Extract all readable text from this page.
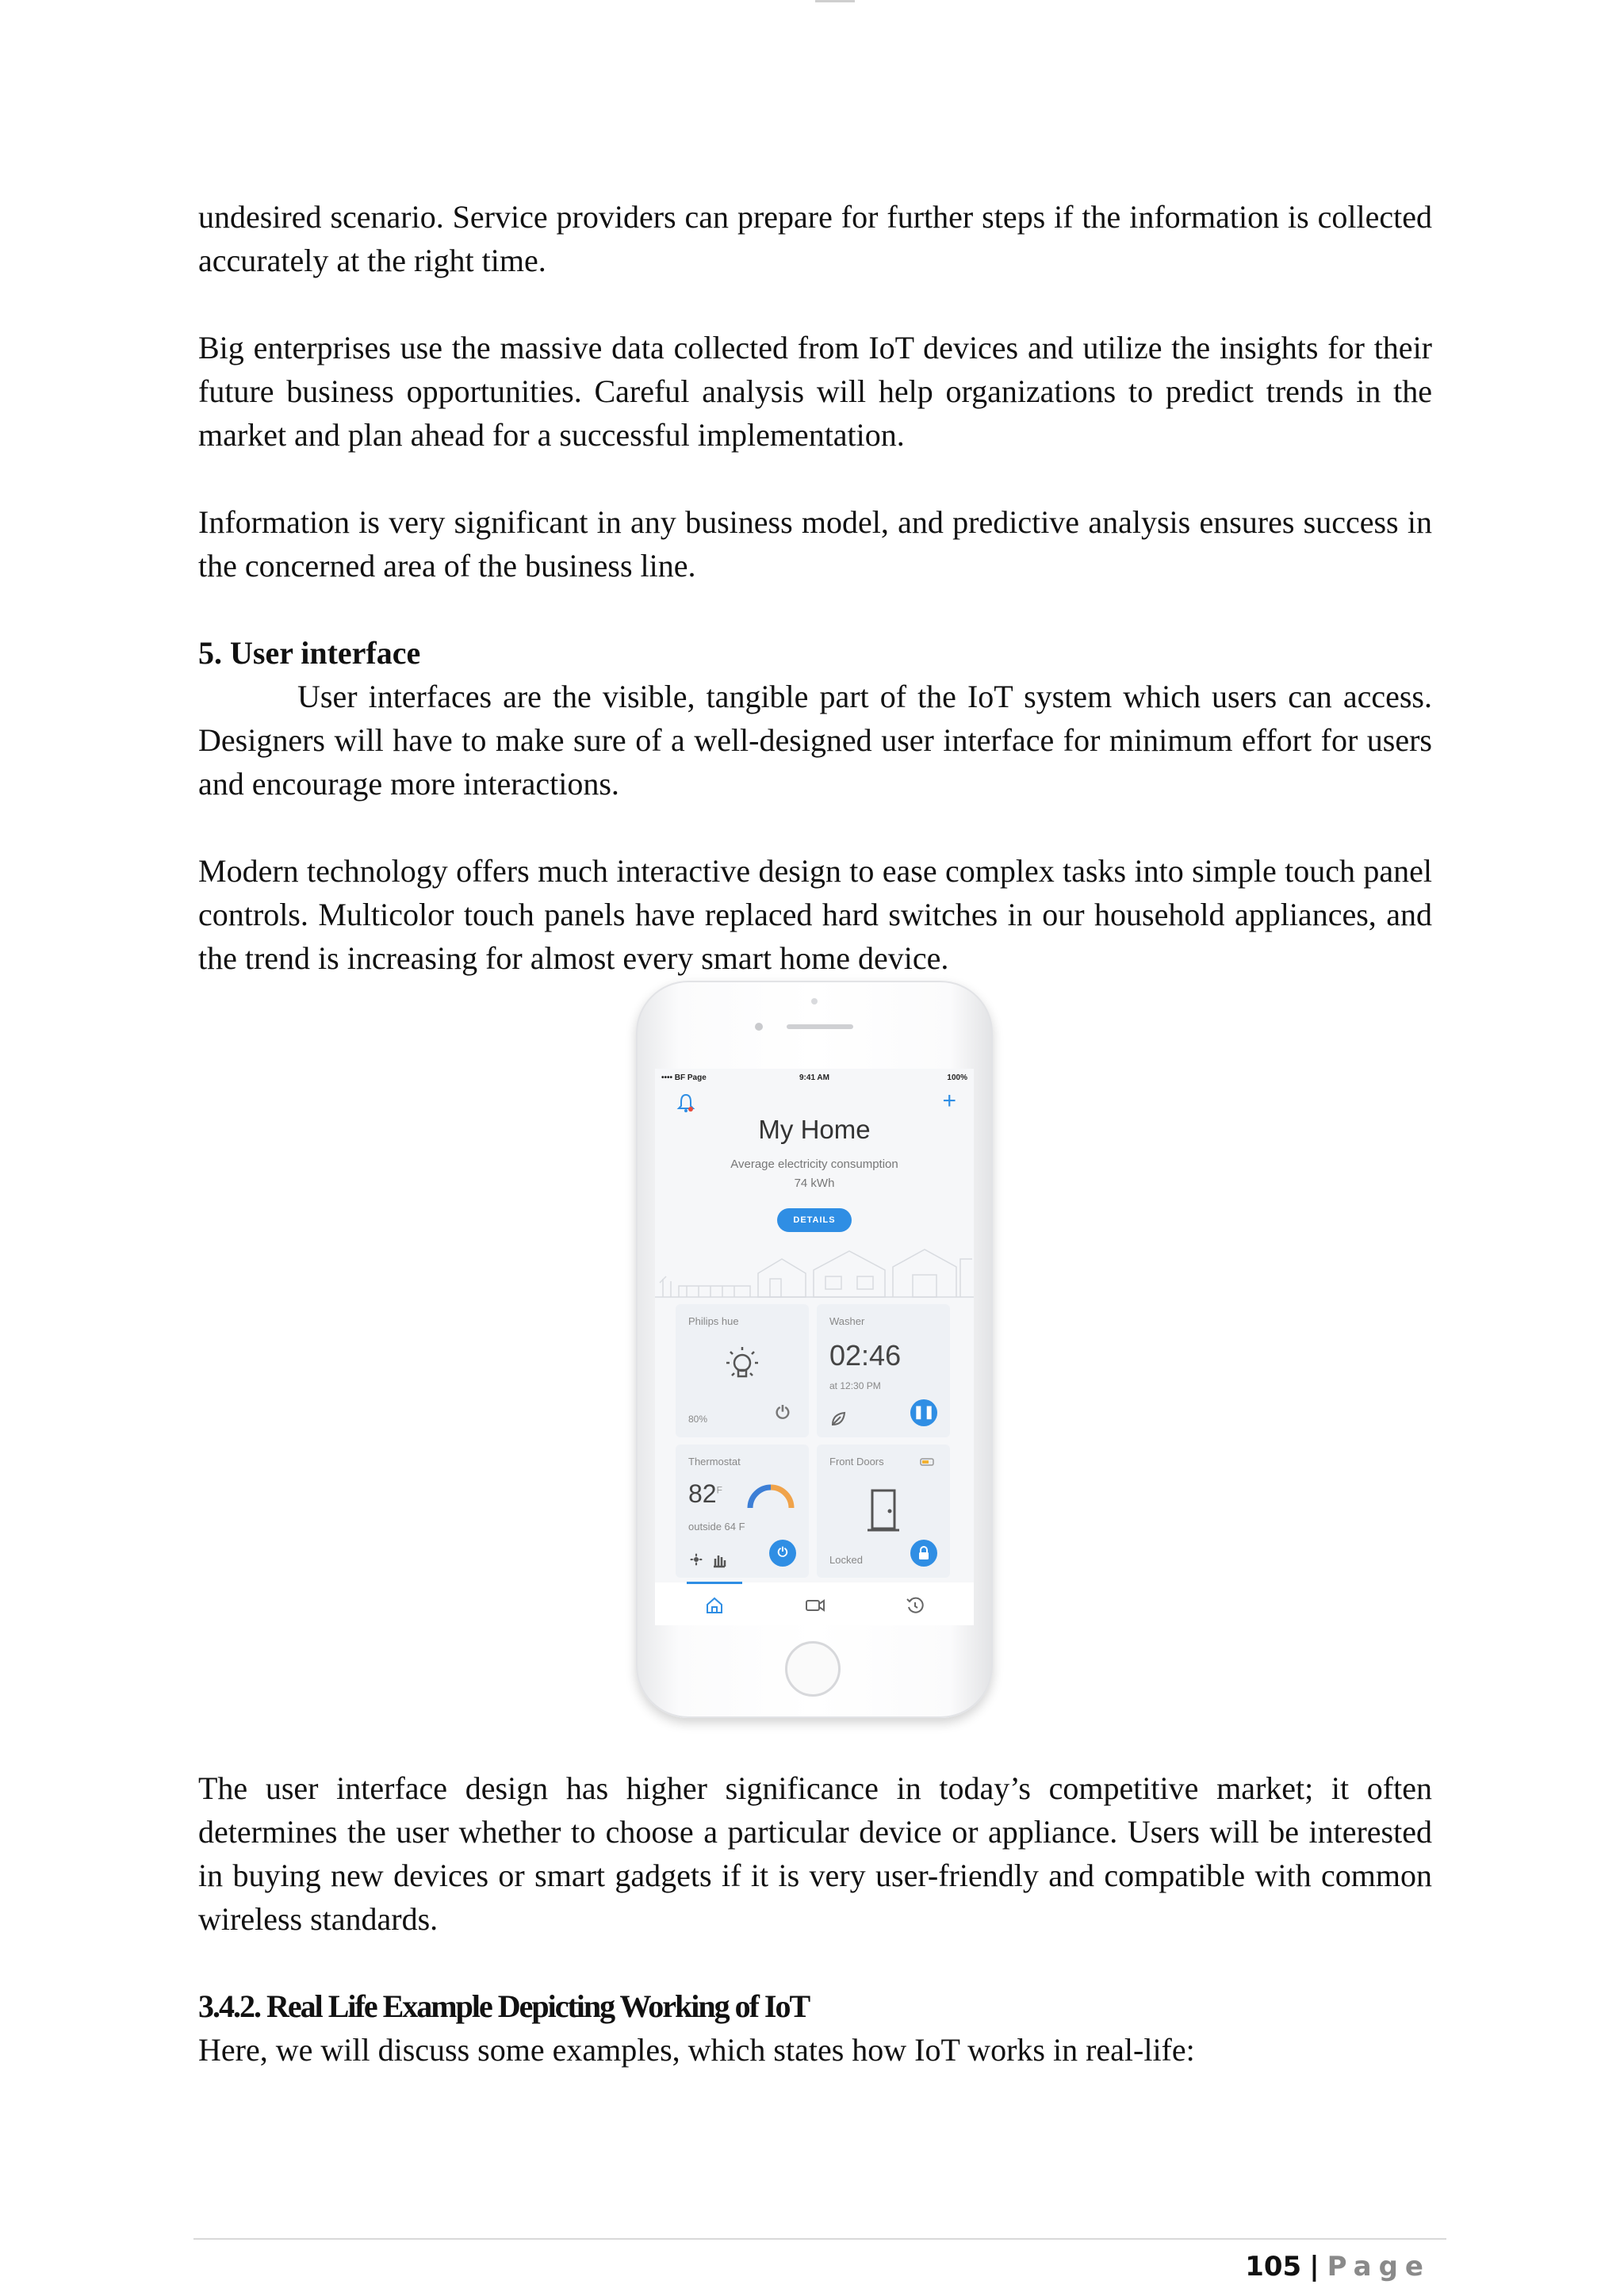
undesired scenario. Service providers can prepare for further steps if the information is collected accurately at the right time.

Big enterprises use the massive data collected from IoT devices and utilize the insights for their future business opportunities. Careful analysis will help organizations to predict trends in the market and plan ahead for a successful implementation.

Information is very significant in any business model, and predictive analysis ensures success in the concerned area of the business line.

5. User interface

User interfaces are the visible, tangible part of the IoT system which users can access. Designers will have to make sure of a well-designed user interface for minimum effort for users and encourage more interactions.

Modern technology offers much interactive design to ease complex tasks into simple touch panel controls. Multicolor touch panels have replaced hard switches in our household appliances, and the trend is increasing for almost every smart home device.

•••• BF Page	9:41 AM	100%
+
My Home
Average electricity consumption
74 kWh
DETAILS
Philips hue
80%	⏻
Washer
02:46
at 12:30 PM
❚❚
Thermostat
$82^F$
outside 64 F
⏻
Front Doors
Locked

The user interface design has higher significance in today’s competitive market; it often determines the user whether to choose a particular device or appliance. Users will be interested in buying new devices or smart gadgets if it is very user-friendly and compatible with common wireless standards.

3.4.2. Real Life Example Depicting Working of IoT

Here, we will discuss some examples, which states how IoT works in real-life:

105 | Page
